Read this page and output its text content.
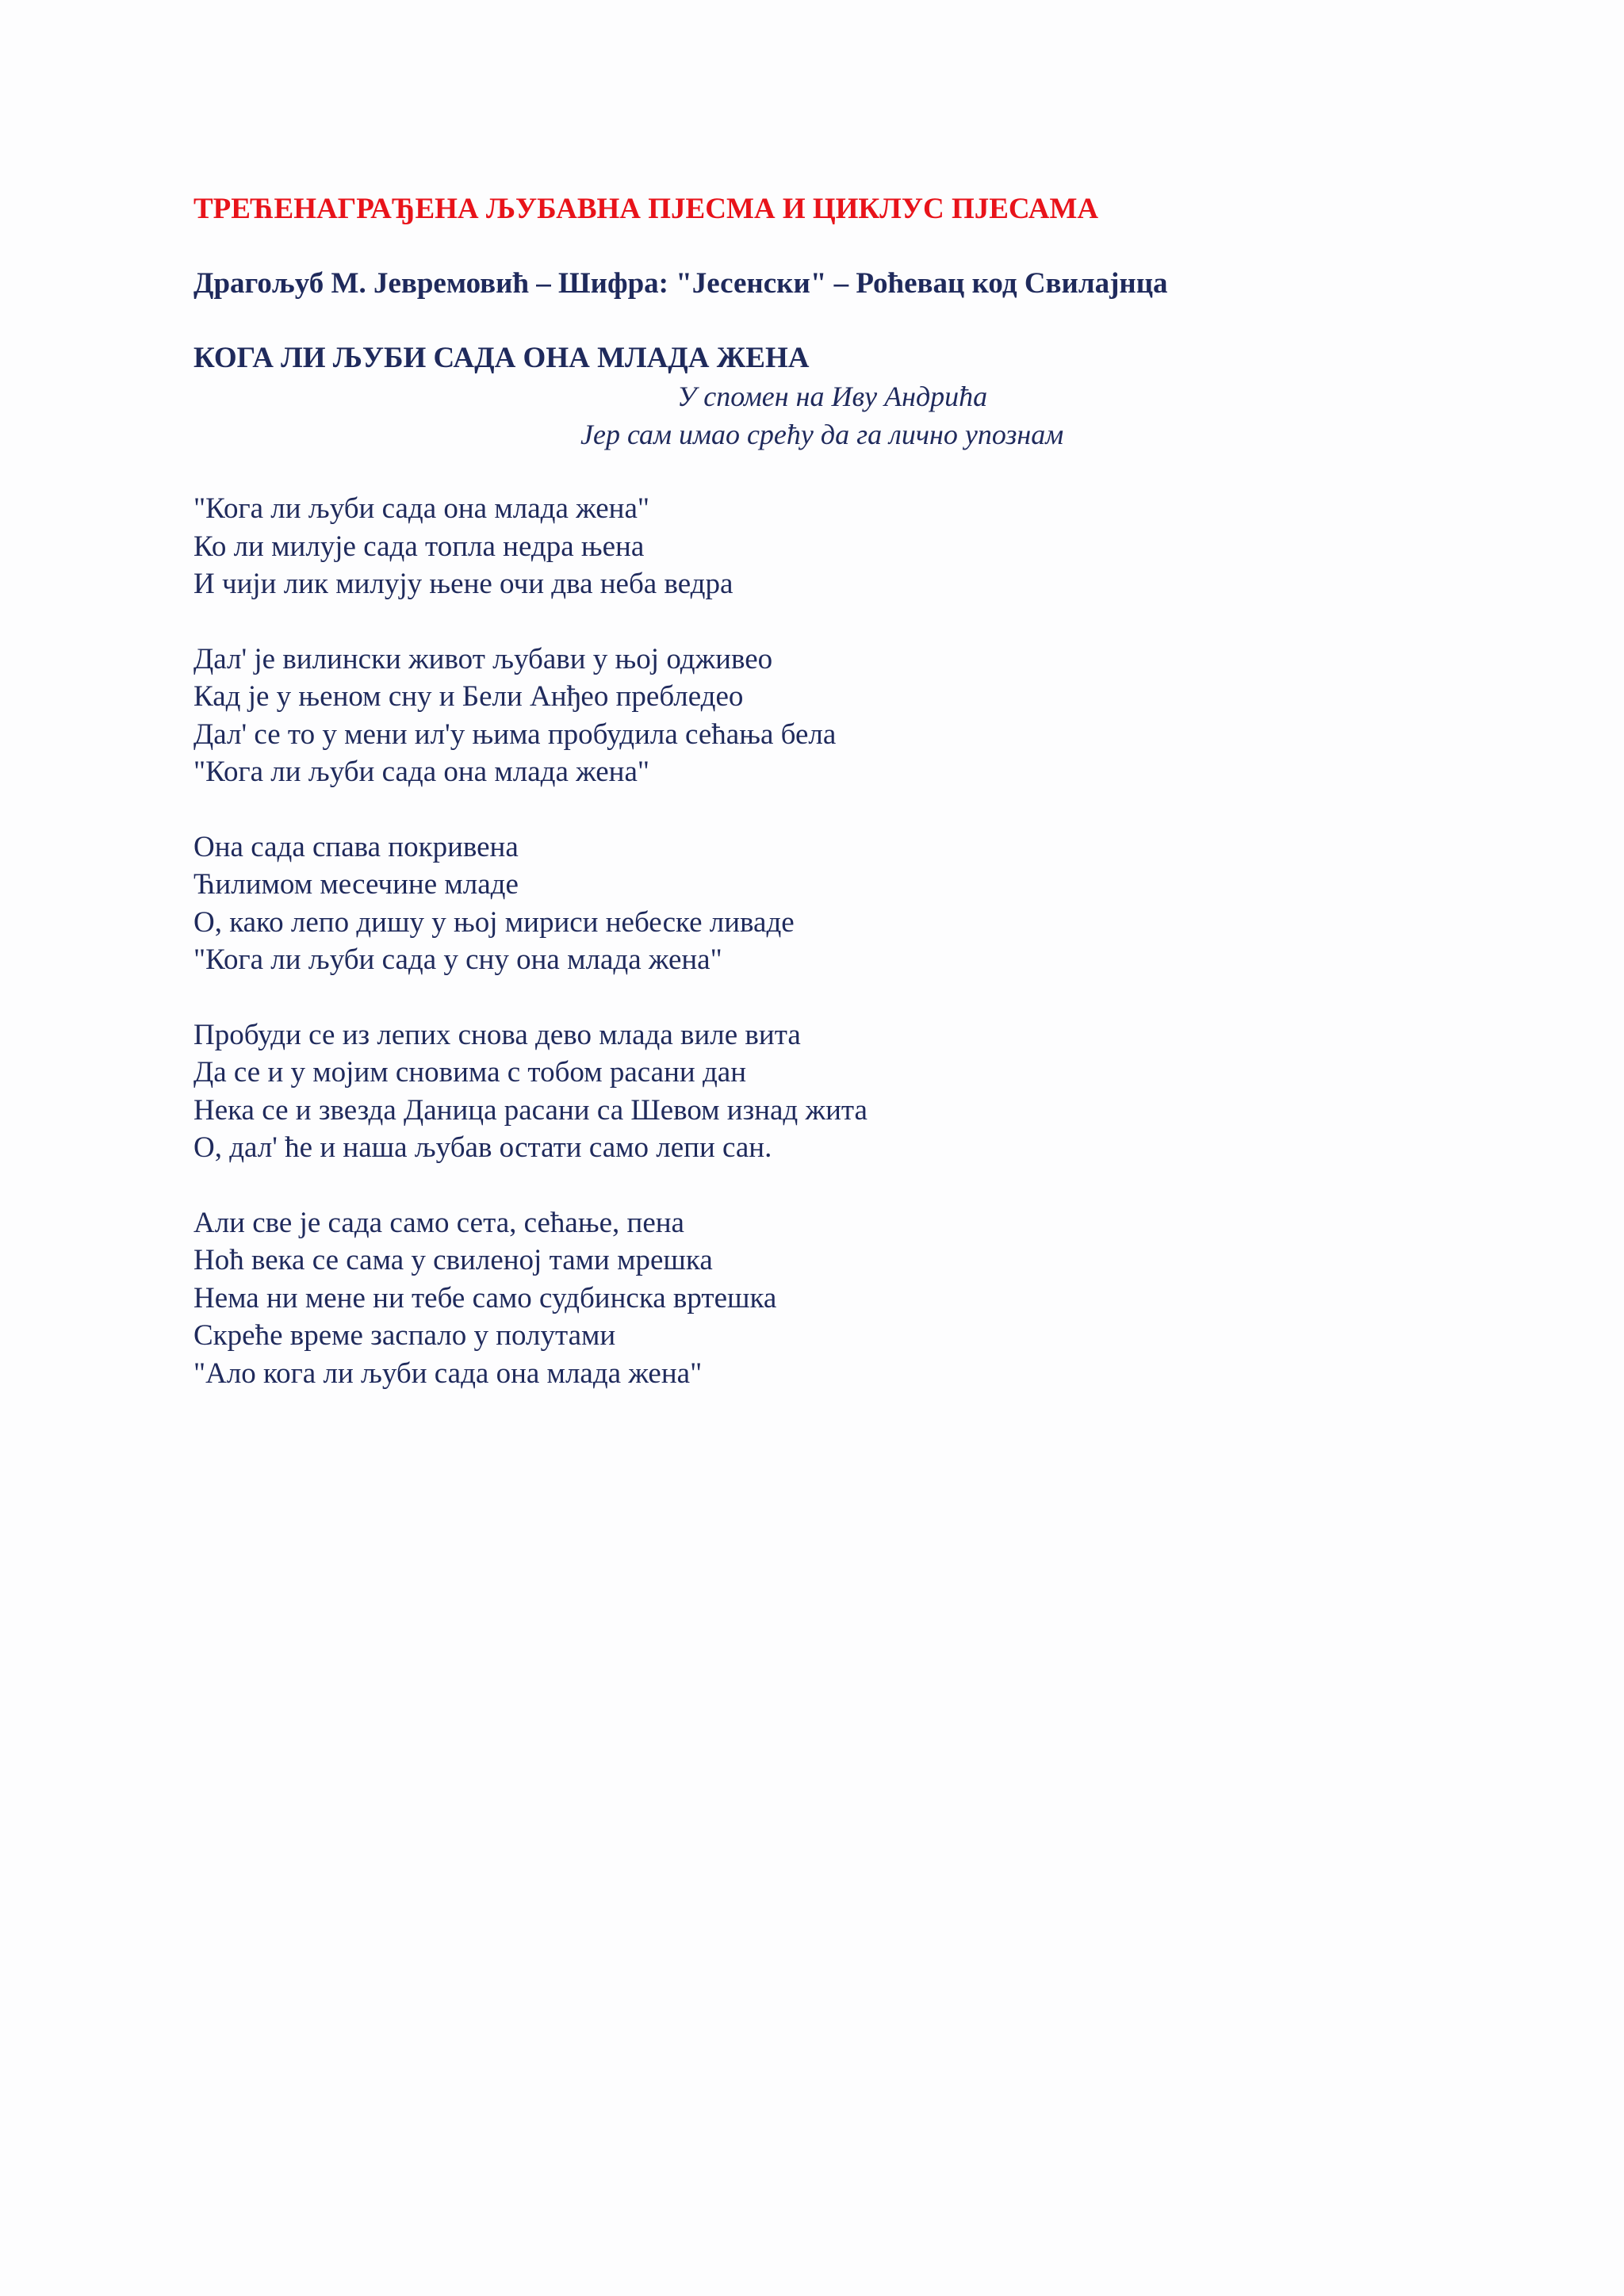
ТРЕЋЕНАГРАЂЕНА ЉУБАВНА ПЈЕСМА И ЦИКЛУС ПЈЕСАМА

Драгољуб М. Јевремовић – Шифра: "Јесенски" – Роћевац код Свилајнца

КОГА ЛИ ЉУБИ САДА ОНА МЛАДА ЖЕНА

У спомен на Иву Андрића
Јер сам имао срећу да га лично упознам

"Кога ли љуби сада она млада жена"

Ко ли милује сада топла недра њена

И чији лик милују њене очи два неба ведра

Дал' је вилински живот љубави у њој одживео

Кад је у њеном сну и Бели Анђео пребледео

Дал' се то у мени ил'у њима пробудила сећања бела

"Кога ли љуби сада она млада жена"

Она сада спава покривена

Ћилимом месечине младе

О, како лепо дишу у њој мириси небеске ливаде

"Кога ли љуби сада у сну она млада жена"

Пробуди се из лепих снова дево млада виле вита

Да се и у мојим сновима с тобом расани дан

Нека се и звезда Даница расани са Шевом изнад жита

О, дал' ће и наша љубав остати само лепи сан.

Али све је сада само сета, сећање, пена

Ноћ века се сама у свиленој тами мрешка

Нема ни мене ни тебе само судбинска вртешка

Скреће време заспало у полутами

"Ало кога ли љуби сада она млада жена"
